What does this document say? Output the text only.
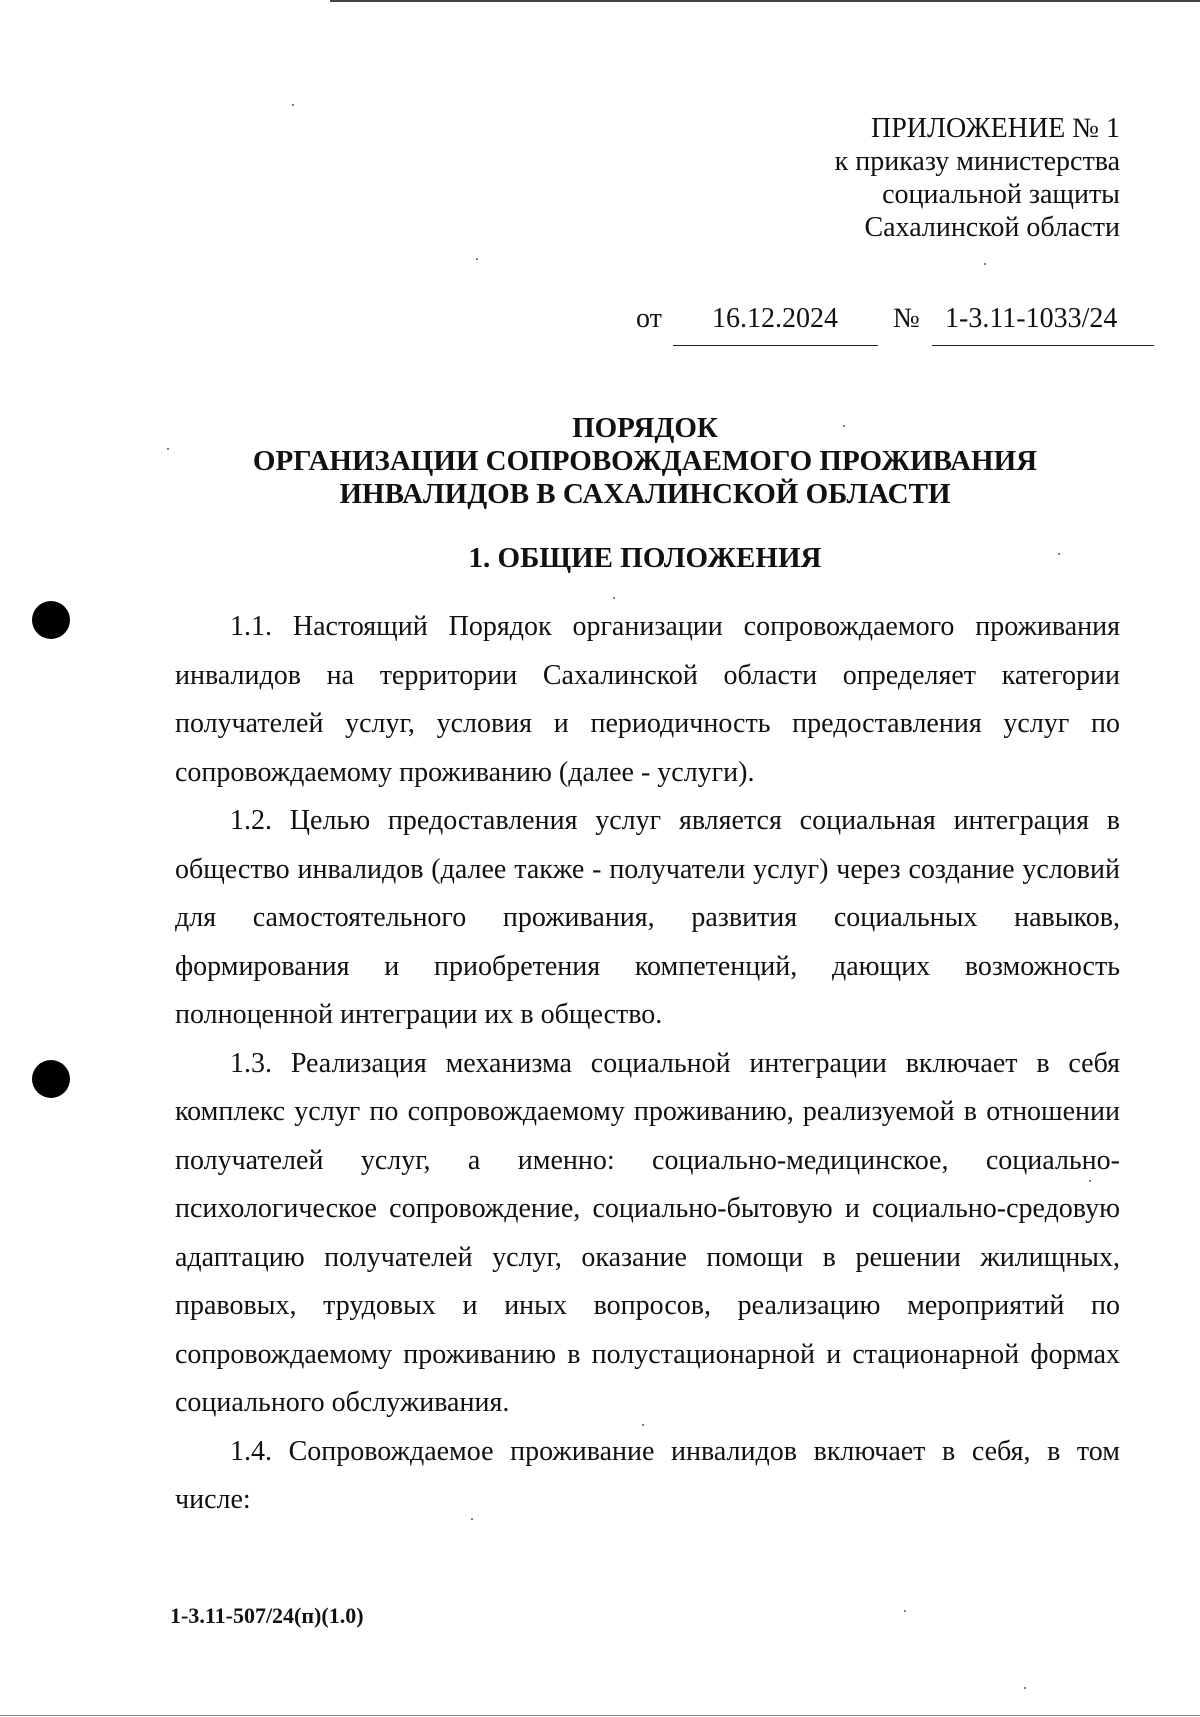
ПРИЛОЖЕНИЕ № 1
к приказу министерства
социальной защиты
Сахалинской области
от 16.12.2024 № 1-3.11-1033/24
ПОРЯДОК
ОРГАНИЗАЦИИ СОПРОВОЖДАЕМОГО ПРОЖИВАНИЯ
ИНВАЛИДОВ В САХАЛИНСКОЙ ОБЛАСТИ
1. ОБЩИЕ ПОЛОЖЕНИЯ

1.1. Настоящий Порядок организации сопровождаемого проживания инвалидов на территории Сахалинской области определяет категории получателей услуг, условия и периодичность предоставления услуг по сопровождаемому проживанию (далее - услуги).

1.2. Целью предоставления услуг является социальная интеграция в общество инвалидов (далее также - получатели услуг) через создание условий для самостоятельного проживания, развития социальных навыков, формирования и приобретения компетенций, дающих возможность полноценной интеграции их в общество.

1.3. Реализация механизма социальной интеграции включает в себя комплекс услуг по сопровождаемому проживанию, реализуемой в отношении получателей услуг, а именно: социально-медицинское, социально-психологическое сопровождение, социально-бытовую и социально-средовую адаптацию получателей услуг, оказание помощи в решении жилищных, правовых, трудовых и иных вопросов, реализацию мероприятий по сопровождаемому проживанию в полустационарной и стационарной формах социального обслуживания.

1.4. Сопровождаемое проживание инвалидов включает в себя, в том числе:

1-3.11-507/24(п)(1.0)
